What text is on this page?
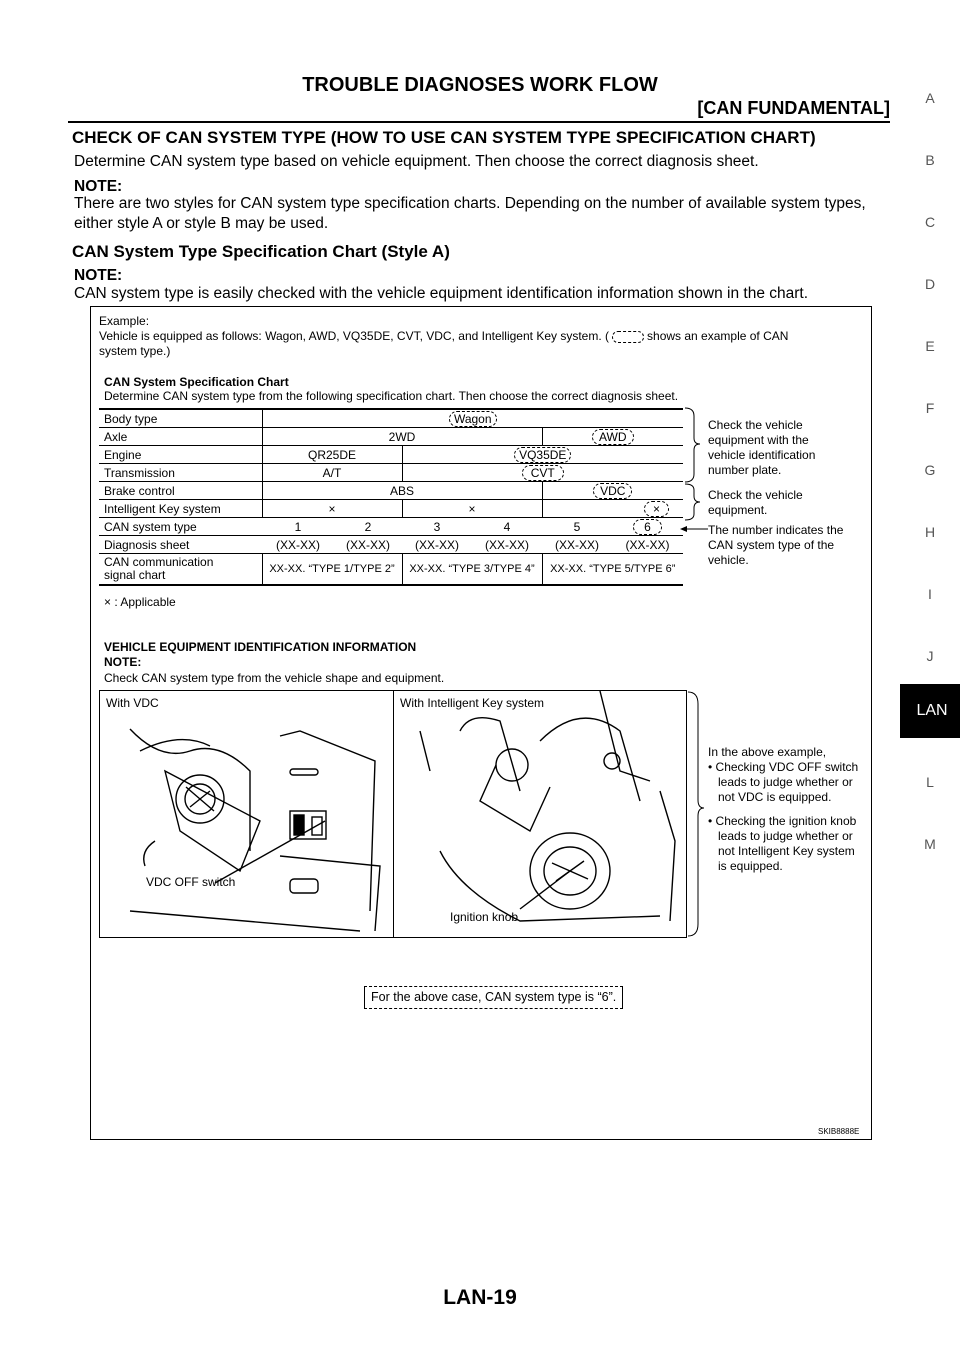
TROUBLE DIAGNOSES WORK FLOW
[CAN FUNDAMENTAL]
CHECK OF CAN SYSTEM TYPE (HOW TO USE CAN SYSTEM TYPE SPECIFICATION CHART)
Determine CAN system type based on vehicle equipment. Then choose the correct diagnosis sheet.
NOTE:
There are two styles for CAN system type specification charts. Depending on the number of available system types, either style A or style B may be used.
CAN System Type Specification Chart (Style A)
NOTE:
CAN system type is easily checked with the vehicle equipment identification information shown in the chart.
A
B
C
D
E
F
G
H
I
J
LAN
L
M
Example:
Vehicle is equipped as follows: Wagon, AWD, VQ35DE, CVT, VDC, and Intelligent Key system. (	shows an example of CAN
system type.)
CAN System Specification Chart
Determine CAN system type from the following specification chart. Then choose the correct diagnosis sheet.
Body type	Wagon					
Axle	2WD				AWD	
Engine	QR25DE		VQ35DE			
Transmission	A/T		CVT			
Brake control	ABS				VDC	
Intelligent Key system	×		×		×	
CAN system type	1	2	3	4	5	6
Diagnosis sheet	(XX-XX)	(XX-XX)	(XX-XX)	(XX-XX)	(XX-XX)	(XX-XX)
CAN communication
signal chart	XX-XX. “TYPE 1/TYPE 2”		XX-XX. “TYPE 3/TYPE 4”		XX-XX. “TYPE 5/TYPE 6”	
× : Applicable
Check the vehicle
equipment with the
vehicle identification
number plate.
Check the vehicle
equipment.
The number indicates the
CAN system type of the
vehicle.
VEHICLE EQUIPMENT IDENTIFICATION INFORMATION
NOTE:
Check CAN system type from the vehicle shape and equipment.
With VDC	With Intelligent Key system
VDC OFF switch
Ignition knob
In the above example,
• Checking VDC OFF switch
leads to judge whether or
not VDC is equipped.
• Checking the ignition knob
leads to judge whether or
not Intelligent Key system
is equipped.
For the above case, CAN system type is “6”.
SKIB8888E
LAN-19
